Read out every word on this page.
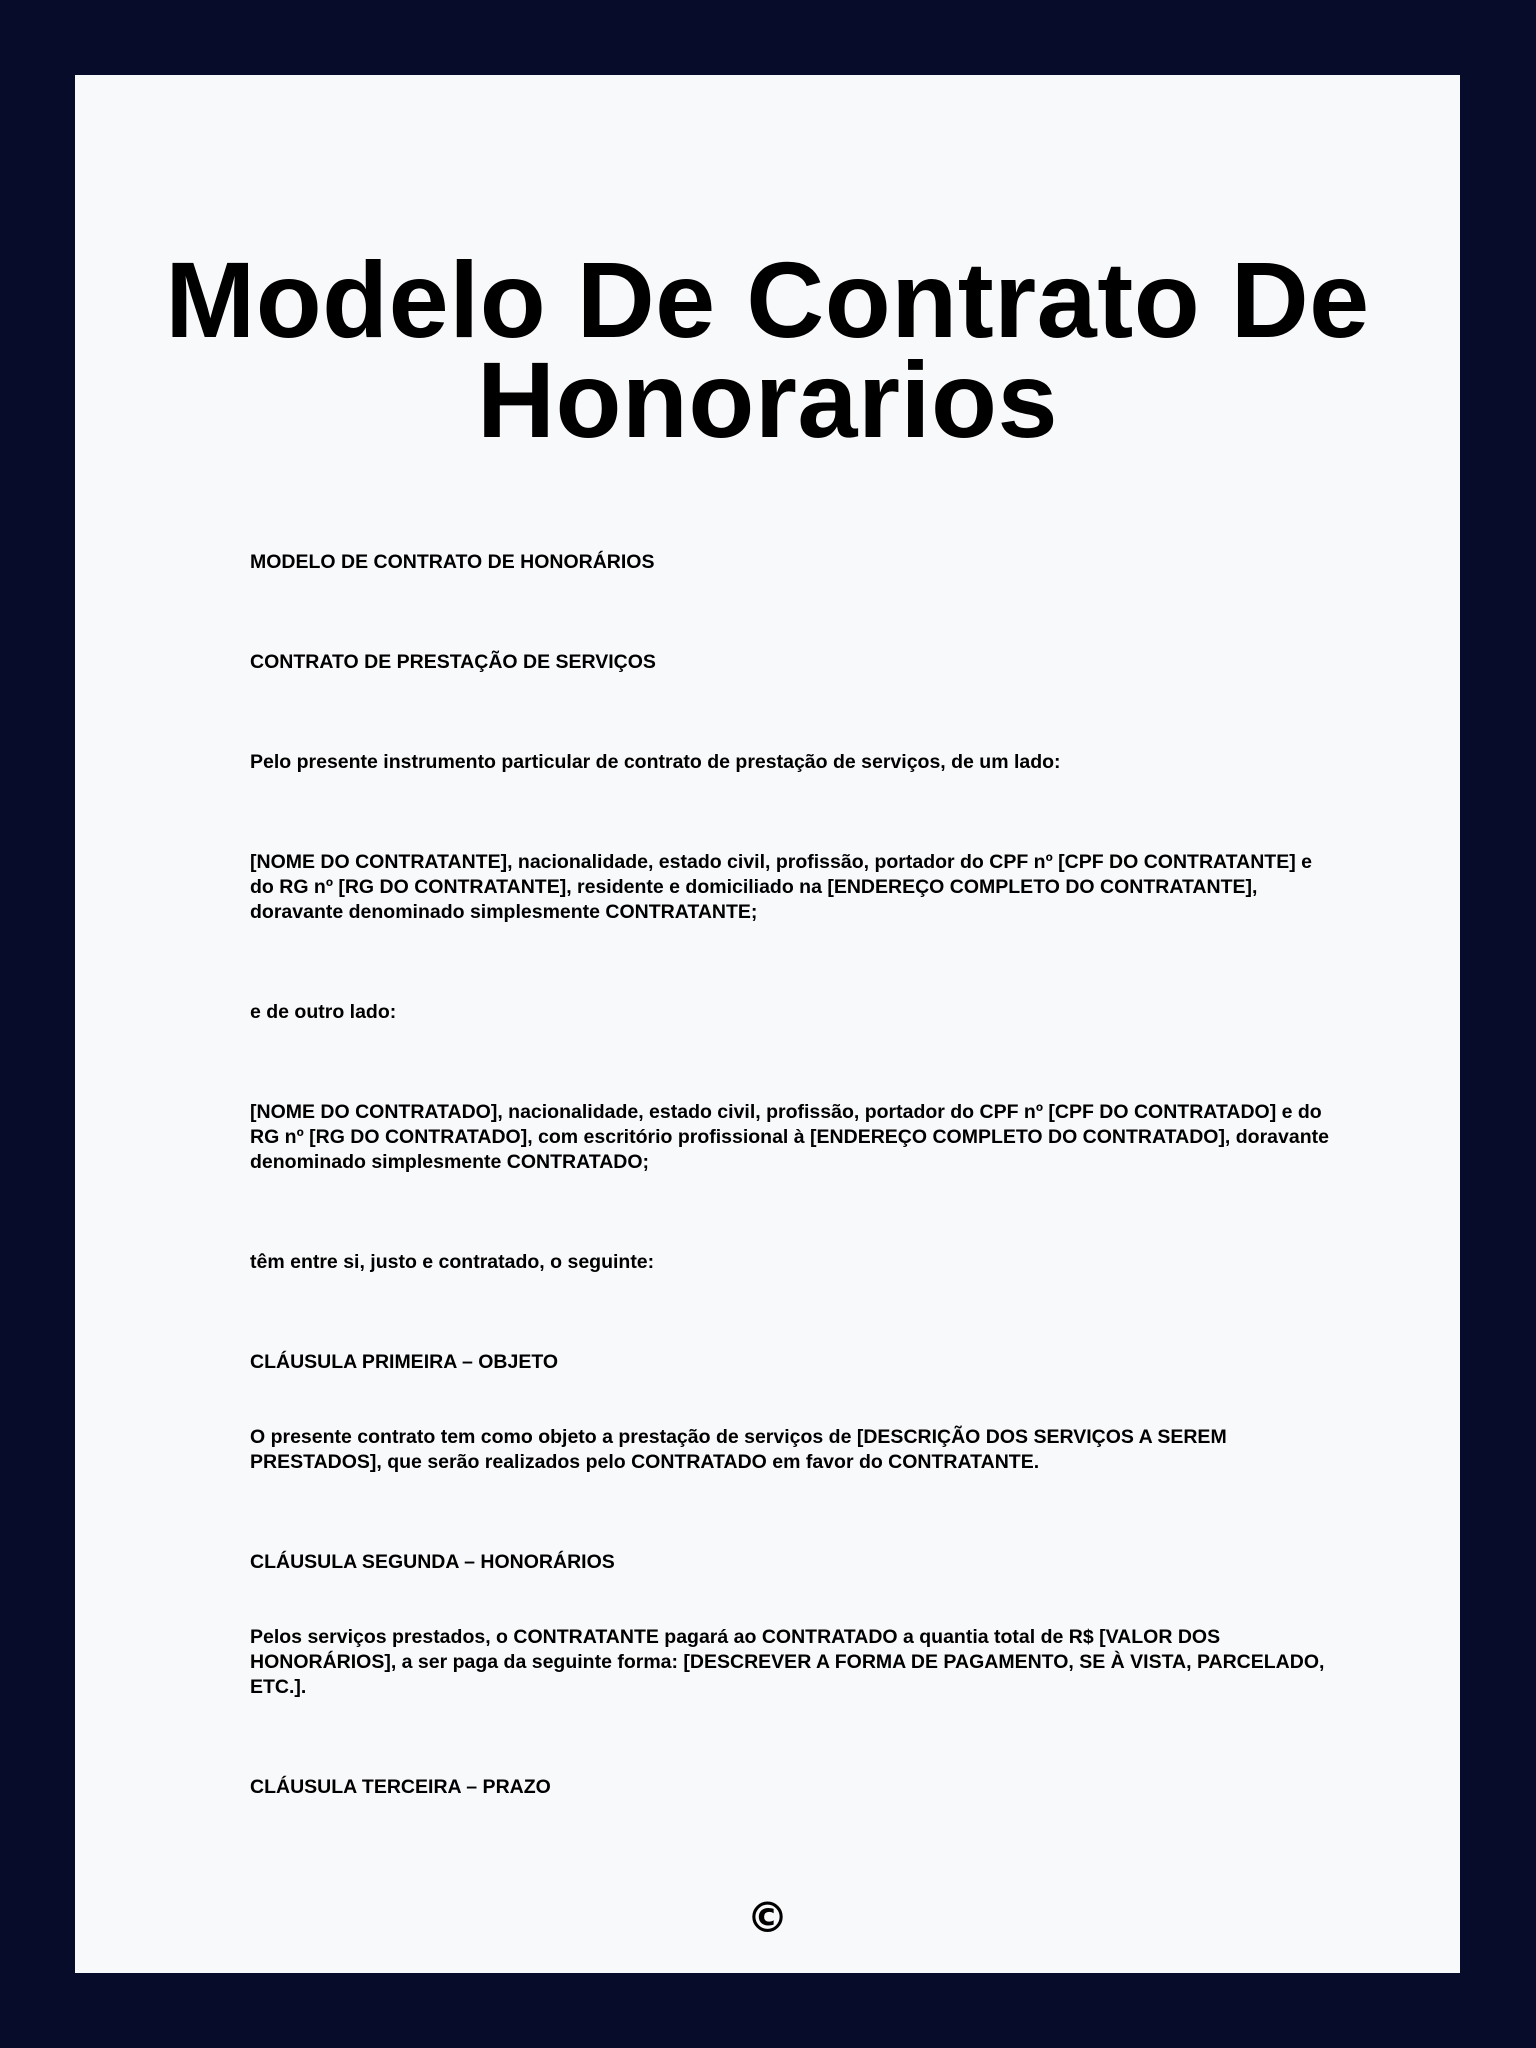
Modelo De Contrato De Honorarios

MODELO DE CONTRATO DE HONORÁRIOS

CONTRATO DE PRESTAÇÃO DE SERVIÇOS

Pelo presente instrumento particular de contrato de prestação de serviços, de um lado:

[NOME DO CONTRATANTE], nacionalidade, estado civil, profissão, portador do CPF nº [CPF DO CONTRATANTE] e do RG nº [RG DO CONTRATANTE], residente e domiciliado na [ENDEREÇO COMPLETO DO CONTRATANTE], doravante denominado simplesmente CONTRATANTE;

e de outro lado:

[NOME DO CONTRATADO], nacionalidade, estado civil, profissão, portador do CPF nº [CPF DO CONTRATADO] e do RG nº [RG DO CONTRATADO], com escritório profissional à [ENDEREÇO COMPLETO DO CONTRATADO], doravante denominado simplesmente CONTRATADO;

têm entre si, justo e contratado, o seguinte:

CLÁUSULA PRIMEIRA – OBJETO

O presente contrato tem como objeto a prestação de serviços de [DESCRIÇÃO DOS SERVIÇOS A SEREM PRESTADOS], que serão realizados pelo CONTRATADO em favor do CONTRATANTE.

CLÁUSULA SEGUNDA – HONORÁRIOS

Pelos serviços prestados, o CONTRATANTE pagará ao CONTRATADO a quantia total de R$ [VALOR DOS HONORÁRIOS], a ser paga da seguinte forma: [DESCREVER A FORMA DE PAGAMENTO, SE À VISTA, PARCELADO, ETC.].

CLÁUSULA TERCEIRA – PRAZO

©
